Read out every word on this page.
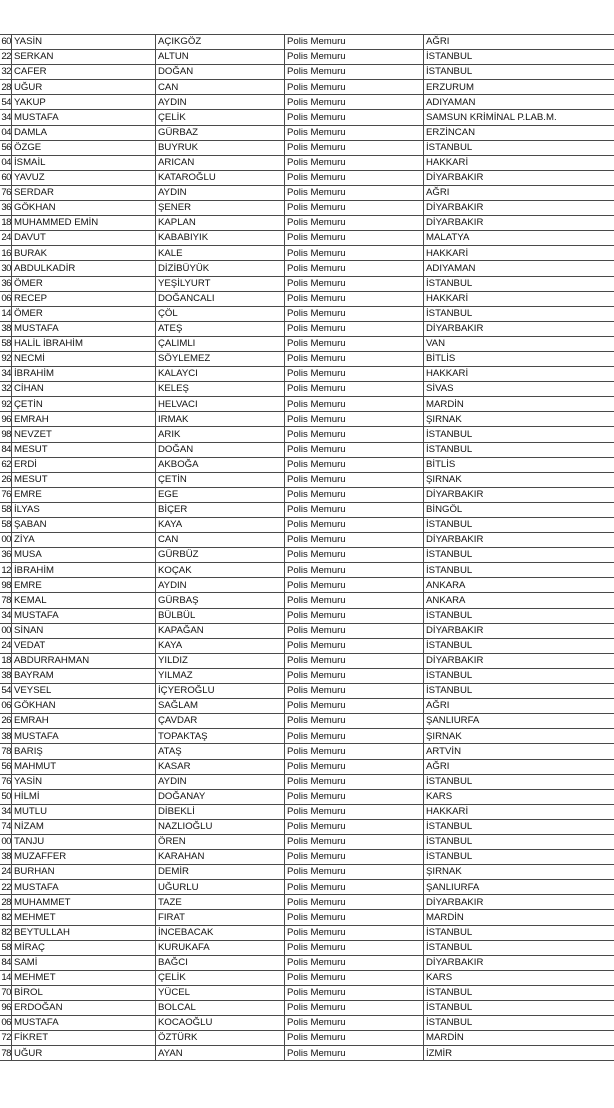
60	YASİN	AÇIKGÖZ	Polis Memuru	AĞRI
22	SERKAN	ALTUN	Polis Memuru	İSTANBUL
32	CAFER	DOĞAN	Polis Memuru	İSTANBUL
28	UĞUR	CAN	Polis Memuru	ERZURUM
54	YAKUP	AYDIN	Polis Memuru	ADIYAMAN
34	MUSTAFA	ÇELİK	Polis Memuru	SAMSUN KRİMİNAL P.LAB.M.
04	DAMLA	GÜRBAZ	Polis Memuru	ERZİNCAN
56	ÖZGE	BUYRUK	Polis Memuru	İSTANBUL
04	İSMAİL	ARICAN	Polis Memuru	HAKKARİ
60	YAVUZ	KATAROĞLU	Polis Memuru	DİYARBAKIR
76	SERDAR	AYDIN	Polis Memuru	AĞRI
36	GÖKHAN	ŞENER	Polis Memuru	DİYARBAKIR
18	MUHAMMED EMİN	KAPLAN	Polis Memuru	DİYARBAKIR
24	DAVUT	KABABIYIK	Polis Memuru	MALATYA
16	BURAK	KALE	Polis Memuru	HAKKARİ
30	ABDULKADİR	DİZİBÜYÜK	Polis Memuru	ADIYAMAN
36	ÖMER	YEŞİLYURT	Polis Memuru	İSTANBUL
06	RECEP	DOĞANCALI	Polis Memuru	HAKKARİ
14	ÖMER	ÇÖL	Polis Memuru	İSTANBUL
38	MUSTAFA	ATEŞ	Polis Memuru	DİYARBAKIR
58	HALİL İBRAHİM	ÇALIMLI	Polis Memuru	VAN
92	NECMİ	SÖYLEMEZ	Polis Memuru	BİTLİS
34	İBRAHİM	KALAYCI	Polis Memuru	HAKKARİ
32	CİHAN	KELEŞ	Polis Memuru	SİVAS
92	ÇETİN	HELVACI	Polis Memuru	MARDİN
96	EMRAH	IRMAK	Polis Memuru	ŞIRNAK
98	NEVZET	ARIK	Polis Memuru	İSTANBUL
84	MESUT	DOĞAN	Polis Memuru	İSTANBUL
62	ERDİ	AKBOĞA	Polis Memuru	BİTLİS
26	MESUT	ÇETİN	Polis Memuru	ŞIRNAK
76	EMRE	EGE	Polis Memuru	DİYARBAKIR
58	İLYAS	BİÇER	Polis Memuru	BİNGÖL
58	ŞABAN	KAYA	Polis Memuru	İSTANBUL
00	ZİYA	CAN	Polis Memuru	DİYARBAKIR
36	MUSA	GÜRBÜZ	Polis Memuru	İSTANBUL
12	İBRAHİM	KOÇAK	Polis Memuru	İSTANBUL
98	EMRE	AYDIN	Polis Memuru	ANKARA
78	KEMAL	GÜRBAŞ	Polis Memuru	ANKARA
34	MUSTAFA	BÜLBÜL	Polis Memuru	İSTANBUL
00	SİNAN	KAPAĞAN	Polis Memuru	DİYARBAKIR
24	VEDAT	KAYA	Polis Memuru	İSTANBUL
18	ABDURRAHMAN	YILDIZ	Polis Memuru	DİYARBAKIR
38	BAYRAM	YILMAZ	Polis Memuru	İSTANBUL
54	VEYSEL	İÇYEROĞLU	Polis Memuru	İSTANBUL
06	GÖKHAN	SAĞLAM	Polis Memuru	AĞRI
26	EMRAH	ÇAVDAR	Polis Memuru	ŞANLIURFA
38	MUSTAFA	TOPAKTAŞ	Polis Memuru	ŞIRNAK
78	BARIŞ	ATAŞ	Polis Memuru	ARTVİN
56	MAHMUT	KASAR	Polis Memuru	AĞRI
76	YASİN	AYDIN	Polis Memuru	İSTANBUL
50	HİLMİ	DOĞANAY	Polis Memuru	KARS
34	MUTLU	DİBEKLİ	Polis Memuru	HAKKARİ
74	NİZAM	NAZLIOĞLU	Polis Memuru	İSTANBUL
00	TANJU	ÖREN	Polis Memuru	İSTANBUL
38	MUZAFFER	KARAHAN	Polis Memuru	İSTANBUL
24	BURHAN	DEMİR	Polis Memuru	ŞIRNAK
22	MUSTAFA	UĞURLU	Polis Memuru	ŞANLIURFA
28	MUHAMMET	TAZE	Polis Memuru	DİYARBAKIR
82	MEHMET	FIRAT	Polis Memuru	MARDİN
82	BEYTULLAH	İNCEBACAK	Polis Memuru	İSTANBUL
58	MİRAÇ	KURUKAFA	Polis Memuru	İSTANBUL
84	SAMİ	BAĞCI	Polis Memuru	DİYARBAKIR
14	MEHMET	ÇELİK	Polis Memuru	KARS
70	BİROL	YÜCEL	Polis Memuru	İSTANBUL
96	ERDOĞAN	BOLCAL	Polis Memuru	İSTANBUL
06	MUSTAFA	KOCAOĞLU	Polis Memuru	İSTANBUL
72	FİKRET	ÖZTÜRK	Polis Memuru	MARDİN
78	UĞUR	AYAN	Polis Memuru	İZMİR
